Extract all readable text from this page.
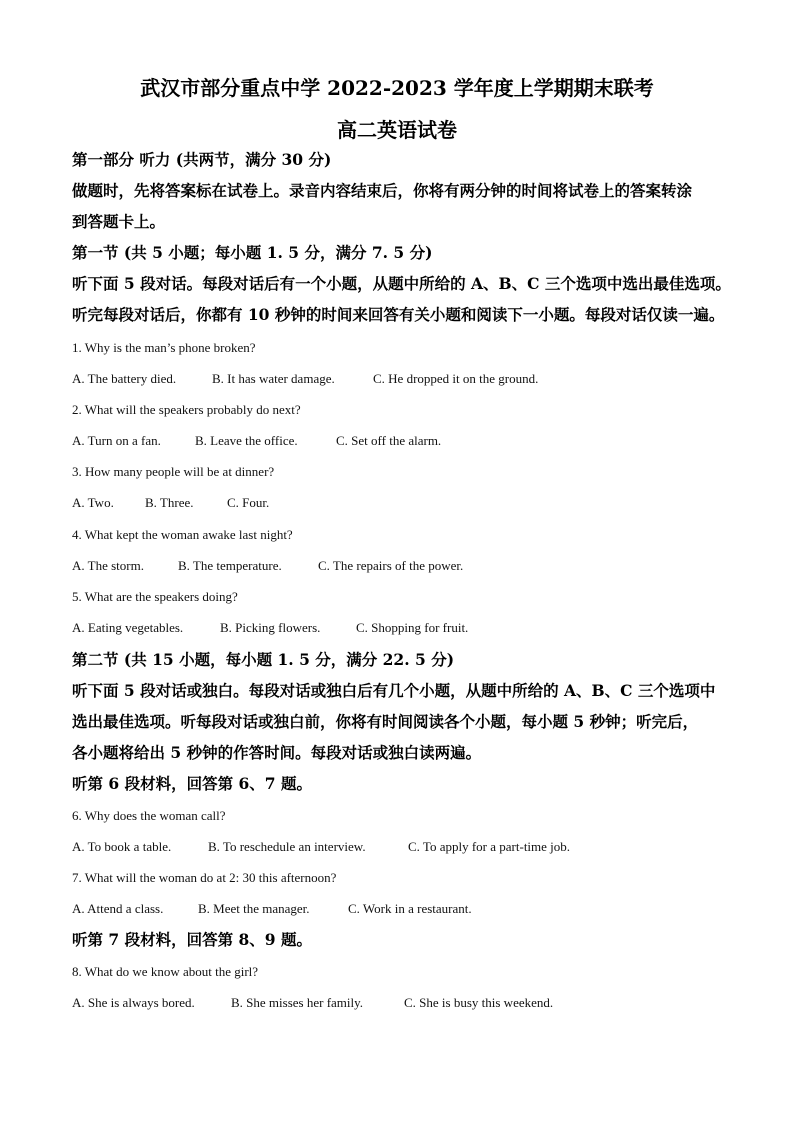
武汉市部分重点中学 2022-2023 学年度上学期期末联考
高二英语试卷
第一部分 听力 (共两节，满分 30 分)
做题时，先将答案标在试卷上。录音内容结束后，你将有两分钟的时间将试卷上的答案转涂
到答题卡上。
第一节 (共 5 小题；每小题 1. 5 分，满分 7. 5 分)
听下面 5 段对话。每段对话后有一个小题，从题中所给的 A、B、C 三个选项中选出最佳选项。
听完每段对话后，你都有 10 秒钟的时间来回答有关小题和阅读下一小题。每段对话仅读一遍。
1. Why is the man’s phone broken?
A. The battery died.	B. It has water damage.	C. He dropped it on the ground.
2. What will the speakers probably do next?
A. Turn on a fan.	B. Leave the office.	C. Set off the alarm.
3. How many people will be at dinner?
A. Two. B. Three.	C. Four.
4. What kept the woman awake last night?
A. The storm.	B. The temperature.	C. The repairs of the power.
5. What are the speakers doing?
A. Eating vegetables.	B. Picking flowers.	C. Shopping for fruit.
第二节 (共 15 小题，每小题 1. 5 分，满分 22. 5 分)
听下面 5 段对话或独白。每段对话或独白后有几个小题，从题中所给的 A、B、C 三个选项中
选出最佳选项。听每段对话或独白前，你将有时间阅读各个小题，每小题 5 秒钟；听完后，
各小题将给出 5 秒钟的作答时间。每段对话或独白读两遍。
听第 6 段材料，回答第 6、7 题。
6. Why does the woman call?
A. To book a table.	B. To reschedule an interview.	C. To apply for a part-time job.
7. What will the woman do at 2: 30 this afternoon?
A. Attend a class.	B. Meet the manager.	C. Work in a restaurant.
听第 7 段材料，回答第 8、9 题。
8. What do we know about the girl?
A. She is always bored.	B. She misses her family.	C. She is busy this weekend.
